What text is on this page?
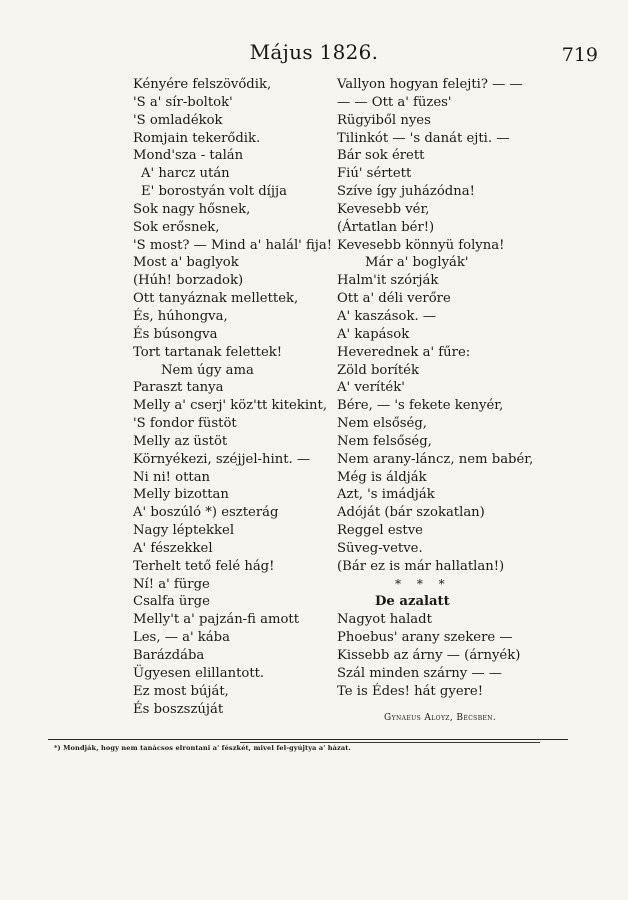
Május 1826.	719
Kényére felszövődik,
'S a' sír-boltok'
'S omladékok
Romjain tekerődik.
Mond'sza - talán
A' harcz után
E' borostyán volt díjja
Sok nagy hősnek,
Sok erősnek,
'S most? — Mind a' halál' fija!
Most a' baglyok
(Húh! borzadok)
Ott tanyáznak mellettek,
És, húhongva,
És búsongva
Tort tartanak felettek!
Nem úgy ama
Paraszt tanya
Melly a' cserj' köz'tt kitekint,
'S fondor füstöt
Melly az üstöt
Környékezi, széjjel-hint. —
Ni ni! ottan
Melly bizottan
A' boszúló *) eszterág
Nagy léptekkel
A' fészekkel
Terhelt tető felé hág!
Ní! a' fürge
Csalfa ürge
Melly't a' pajzán-fi amott
Les, — a' kába
Barázdába
Ügyesen elillantott.
Ez most búját,
És boszszúját
Vallyon hogyan felejti? — —
— — Ott a' füzes'
Rügyiből nyes
Tilinkót — 's danát ejti. —
Bár sok érett
Fiú' sértett
Szíve így juházódna!
Kevesebb vér,
(Ártatlan bér!)
Kevesebb könnyü folyna!
Már a' boglyák'
Halm'it szórják
Ott a' déli verőre
A' kaszások. —
A' kapások
Heverednek a' fűre:
Zöld boríték
A' veríték'
Bére, — 's fekete kenyér,
Nem elsőség,
Nem felsőség,
Nem arany-láncz, nem babér,
Még is áldják
Azt, 's imádják
Adóját (bár szokatlan)
Reggel estve
Süveg-vetve.
(Bár ez is már hallatlan!)
* * *
De azalatt
Nagyot haladt
Phoebus' arany szekere —
Kissebb az árny — (árnyék)
Szál minden szárny — —
Te is Édes! hát gyere!
Gynaeus Aloyz, Bécsben.
*) Mondják, hogy nem tanácsos elrontani a' fészkét, mivel fel-gyújtya a' házat.
